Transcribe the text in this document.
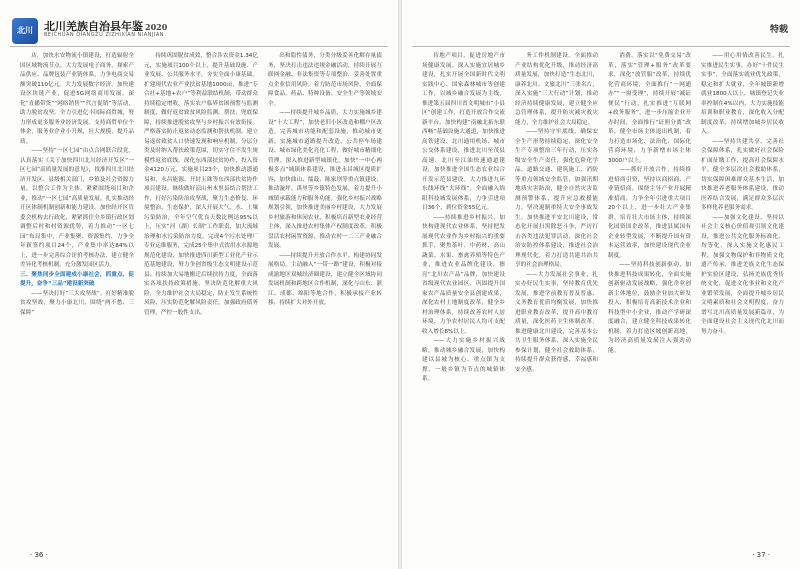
北川	北川羌族自治县年鉴 2020
BEICHUAN QIANGZU ZIZHIXIAN NIANJIAN

店，加快水安物流小镇建设，打造辐射全国区域物流节点。大力发展电子商务，探索产品供应、品牌包装产业链体系，力争电商交易额突破110亿元。大力发展数字经济，加快建设区块链产业，促进5G网络商用发展。深化“直播带货”“网络销售”“代言促销”等活动，助力脱贫攻坚。全力引进亿丰国际商贸城，努力形成更多服务业经济发展。支持商贸单位个体企，服务业企业小升规，壮大规模，提升品质。

——坚持“一区七园”由点合网联合段党。认真落实《关于加快四川北川经济开发区“一区七园”高质量发展的意见》，找准四川北川经济开发区、县级相关部门，乡镇及社会资源力量，以整合工作为主体，紧紧围绕项目和企业，推动“一区七园”高质量发展，扎实推动经开区体制机制创新和能力建设，加快经开区管委会机构去行政化，紧紧抓住全乡镇行政区划调整后村和村资源优势，着力推动“一区七园”布局集中，产业集聚、资源集约，力争全年新签约项目24个，产业集中率达84%以上，进一步完善综合评价考核办法，建立健全差异化考核机制，充分激发园区活力。

三、聚焦同步全面建成小康社会，抓重点、促提升，奋争“三品”建设新突破

——坚决打好“三大攻坚战”。打好精准脱贫攻坚战，聚力小康北川，围绕“两不愁、三保障”

持续巩固脱贫成效，整合涉农资金1.34亿元，实施项目100个以上，提升基础设施、产业发展、公共服务水平，夯实全面小康基础。扩建现代农业产业扶贫基地1000亩，推进“专合社+基地+农户”等利益联结机制，带动群众持续稳定增收。落实农户临界贫困预警与监测制度，做好返贫致贫风险监测、帮扶、兜底保障，持续推进脱贫攻坚与乡村振兴有效衔接。严格落实防止返贫动态监测和帮扶机制，建立易返贫致贫人口快速发现和响应机制，分层分类及时纳入帮扶政策范围，切实守住不发生规模性返贫底线。深化东西部扶贫协作，投入资金4120万元，实施项目23个，加快推动浙通易和、永昌能源、开封玉珠等东西部扶贫协作项目建设。继续做好涼山州木里县结合帮扶工作，打好污染防治攻坚战，聚力生态修复、环境整治、生态保护，深入开展大气、水、土壤污染防治，全年空气优良天数比例达95%以上，压实“河（湖）长制”工作职责，加大流域治理和水污染防治力度，完成4个污水处理厂专业运维服务，完成25个集中式饮用水水源地规范化建设，加快推进四川新型工业化产业示范基地建设，努力争创省级生态文明建设示范县。持续加大易地搬迁后续扶持力度，全面落实各项扶持政策措施，坚决防范化解重大风险，全力维护社会大局稳定，防止发生系统性风险，压实防范化解风险责任，加强政府债务管理，严控一般性支出。

出和隐性债务，分类分级妥善化解存量债务，坚决打击违法违规金融活动，持续开展互联网金融、非法集资等专项整治，妥善处置重点企业信用风险。着力防范市场风险，全面保障食品、药品、特种设备、安全生产等领域安全。

——持续提升城乡品质，大力实施城乡建设“十大工程”，加快老旧小区改造和棚户区改造，完善城市功能和配套设施，推动城市更新，实施城市道路提升改造、公共停车场建设、城市绿化美化亮化工程，做好城市精细化管理。深入推进新型城镇化，加快“一中心两极多点”城镇体系建设，推进永昌城区提质扩容，加快曲山、擂鼓、陈家坝等重点镇建设，推动漩坪、禹里等乡镇特色发展，着力提升小城镇承载能力和服务功能。强化乡村振兴战略规划引领，加快推进美丽乡村建设，大力发展乡村旅游和休闲农业，积极培育新型农业经营主体，深入推进农村集体产权制度改革，积极盘活农村闲置资源，推动农村一二三产业融合发展。

——持续提升开放合作水平。构建协同发展格局，主动融入“一带一路”建设，积极对接成渝地区双城经济圈建设，建立健全区域协同发展机制和跨地区合作机制，深化与山东、浙江、成都、绵阳等地合作，积极承接产业转移，持续扩大对外开放。

· 36 ·
特载

待地产项目，促进房地产市场健康发展。深入实施宜居城乡建设，扎实开展全国新时代文明实践中心、国家森林城市等创建工作，以城乡融合发展为主线，推进第五届四川省文明城市“小县区”创建工作，打造开放合作交流新平台，加快构建“南融北拓东联西畅”基础设施大通道，加快推进高铁建设、北川通用机场、城市公交体系建设，推进北川至茂县高速、北川至江油快速通道建设，加快推进全国生态农业综合开发示范县建设。大力推进九环东线环线“大环线”，全面融入绵阳科技城发展体系，力争引进项目36个，到位资金55亿元。

——持续推进乡村振兴，加快构建现代农业体系，坚持把发展现代农业作为乡村振兴的重要抓手，聚焦茶叶、中药材、高山蔬菜、水果、畜禽养殖等特色产业，推进农业品牌化建设，擦亮“北川农产品”品牌，加快建设省级现代农业园区，巩固提升国家农产品质量安全县创建成果，深化农村土地制度改革，健全乡村治理体系，持续改善农村人居环境，力争农村居民人均可支配收入增长8%以上。

——大力实施乡村振兴战略，推动城乡融合发展，加快构建以县城为核心、重点镇为支撑、一般乡镇为节点的城镇体系。

务工作机制建设。全面推动产业结构优化升级，推动经济高质量发展，加快打造“生态北川、康养北川、文旅北川”三张名片，深入实施“三大行动”计划，推动经济持续健康发展，建立健全应急管理体系，提升防灾减灾救灾能力，全力维护社会大局稳定。

——坚持守牢底线，确保安全生产形势持续稳定，深化安全生产专项整治三年行动，压实各级安全生产责任，强化危险化学品、道路交通、建筑施工、消防等重点领域安全监管，加强汛期地质灾害防治，健全自然灾害监测预警体系，提升应急救援能力，坚决遏制重特大安全事故发生。加快推进平安北川建设，常态化开展扫黑除恶斗争，严厉打击各类违法犯罪活动，深化社会治安防控体系建设，推进社会治理现代化，着力打造共建共治共享的社会治理格局。

——大力发展社会事业，扎实办好民生实事，坚持教育优先发展，推进学前教育普及普惠、义务教育优质均衡发展，加快推进职业教育改革，提升高中教育质量，深化医药卫生体制改革，推进健康北川建设，完善基本公共卫生服务体系，深入实施全民参保计划，健全社会救助体系，持续提升群众获得感、幸福感和安全感。

消费，落实以“免费交易”改革，落实“管理+服务”改革要求，深化“放管服”改革，持续优化营商环境，全面推行“一网通办”“一窗受理”，持续开展“减证便民”行动，扎实推进“互联网+政务服务”，进一步压缩企业开办时间，全面推行“证照分离”改革，健全市场主体退出机制，着力打造市场化、法治化、国际化营商环境，力争新增市场主体3000户以上。

——抓好开放合作，持续推进招商引资，坚持以商招商、产业链招商，围绕主导产业开展精准招商，力争全年引进重大项目20个以上，进一步壮大产业集群，培育壮大市场主体，持续深化国资国企改革，推进县属国有企业转型发展，不断提升国有资本运营效率，加快建设现代企业制度。

——坚持科技创新驱动，加快推进科技成果转化，全面实施创新驱动发展战略，强化企业创新主体地位，鼓励企业加大研发投入，积极培育高新技术企业和科技型中小企业，推动产学研深度融合，建立健全科技成果转化机制，着力打造区域创新高地，为经济高质量发展注入强劲动能。

——用心用情改善民生。扎实推进民生实事，办好“十件民生实事”，全面落实就业优先政策，稳定和扩大就业，全年城镇新增就业1800人以上，城镇登记失业率控制在4%以内，大力实施技能培训和职业教育，深化收入分配制度改革，持续增加城乡居民收入。

——坚持共建共享，完善社会保障体系，扎实做好社会保险扩面征缴工作，提高社会保障水平，健全多层次社会救助体系，切实保障困难群众基本生活，加快推进养老服务体系建设，推动医养结合发展，满足群众多层次多样化养老服务需求。

——加强文化建设，坚持以社会主义核心价值观引领文化建设，推进公共文化服务标准化、均等化，深入实施文化惠民工程，加强文物保护和非物质文化遗产传承，推进羌族文化生态保护实验区建设，弘扬羌族优秀传统文化，促进文化事业和文化产业繁荣发展，全面提升城乡居民文明素质和社会文明程度，奋力谱写北川高质量发展新篇章，为全面建设社会主义现代化北川而努力奋斗。

· 37 ·
